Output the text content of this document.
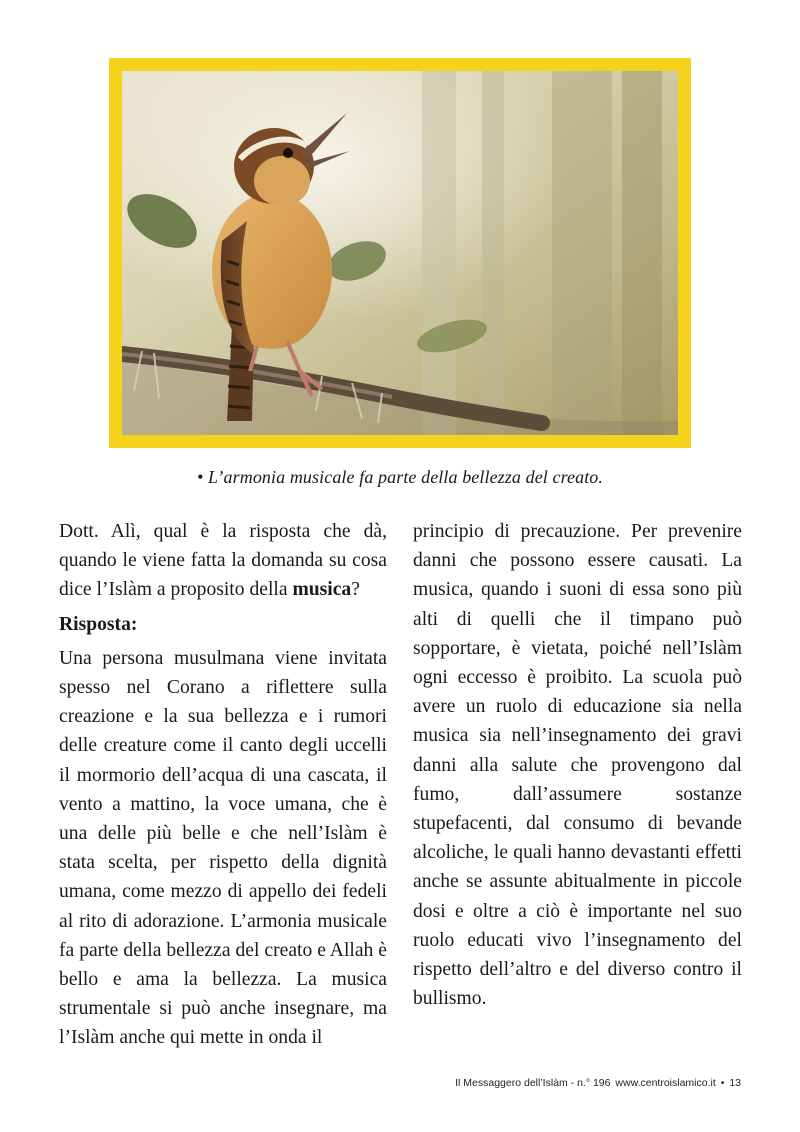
• L’armonia musicale fa parte della bellezza del creato.

Dott. Alì, qual è la risposta che dà, quando le viene fatta la domanda su cosa dice l’Islàm a proposito della musica?

Risposta:

Una persona musulmana viene invitata spesso nel Corano a riflettere sulla creazione e la sua bellezza e i rumori delle creature come il canto degli uccelli il mormorio dell’acqua di una cascata, il vento a mattino, la voce umana, che è una delle più belle e che nell’Islàm è stata scelta, per rispetto della dignità umana, come mezzo di appello dei fedeli al rito di adorazione. L’armonia musicale fa parte della bellezza del creato e Allah è bello e ama la bellezza. La musica strumentale si può anche insegnare, ma l’Islàm anche qui mette in onda il

principio di precauzione. Per prevenire danni che possono essere causati. La musica, quando i suoni di essa sono più alti di quelli che il timpano può sopportare, è vietata, poiché nell’Islàm ogni eccesso è proibito. La scuola può avere un ruolo di educazione sia nella musica sia nell’insegnamento dei gravi danni alla salute che provengono dal fumo, dall’assumere sostanze stupefacenti, dal consumo di bevande alcoliche, le quali hanno devastanti effetti anche se assunte abitualmente in piccole dosi e oltre a ciò è importante nel suo ruolo educati vivo l’insegnamento del rispetto dell’altro e del diverso contro il bullismo.

Il Messaggero dell’Islàm - n.° 196 www.centroislamico.it • 13
